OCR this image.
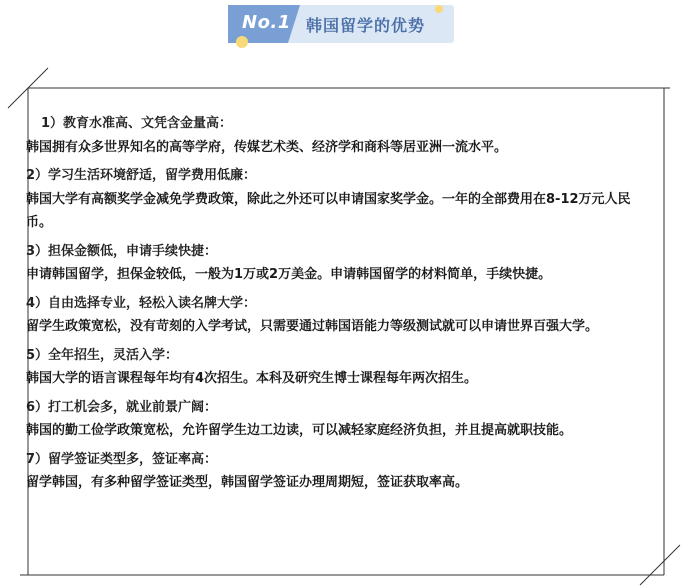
No.1 韩国留学的优势
1）教育水准高、文凭含金量高：
韩国拥有众多世界知名的高等学府，传媒艺术类、经济学和商科等居亚洲一流水平。
2）学习生活环境舒适，留学费用低廉：
韩国大学有高额奖学金减免学费政策，除此之外还可以申请国家奖学金。一年的全部费用在8-12万元人民币。
3）担保金额低，申请手续快捷：
申请韩国留学，担保金较低，一般为1万或2万美金。申请韩国留学的材料简单，手续快捷。
4）自由选择专业，轻松入读名牌大学：
留学生政策宽松，没有苛刻的入学考试，只需要通过韩国语能力等级测试就可以申请世界百强大学。
5）全年招生，灵活入学：
韩国大学的语言课程每年均有4次招生。本科及研究生博士课程每年两次招生。
6）打工机会多，就业前景广阔：
韩国的勤工俭学政策宽松，允许留学生边工边读，可以减轻家庭经济负担，并且提高就职技能。
7）留学签证类型多，签证率高：
留学韩国，有多种留学签证类型，韩国留学签证办理周期短，签证获取率高。
